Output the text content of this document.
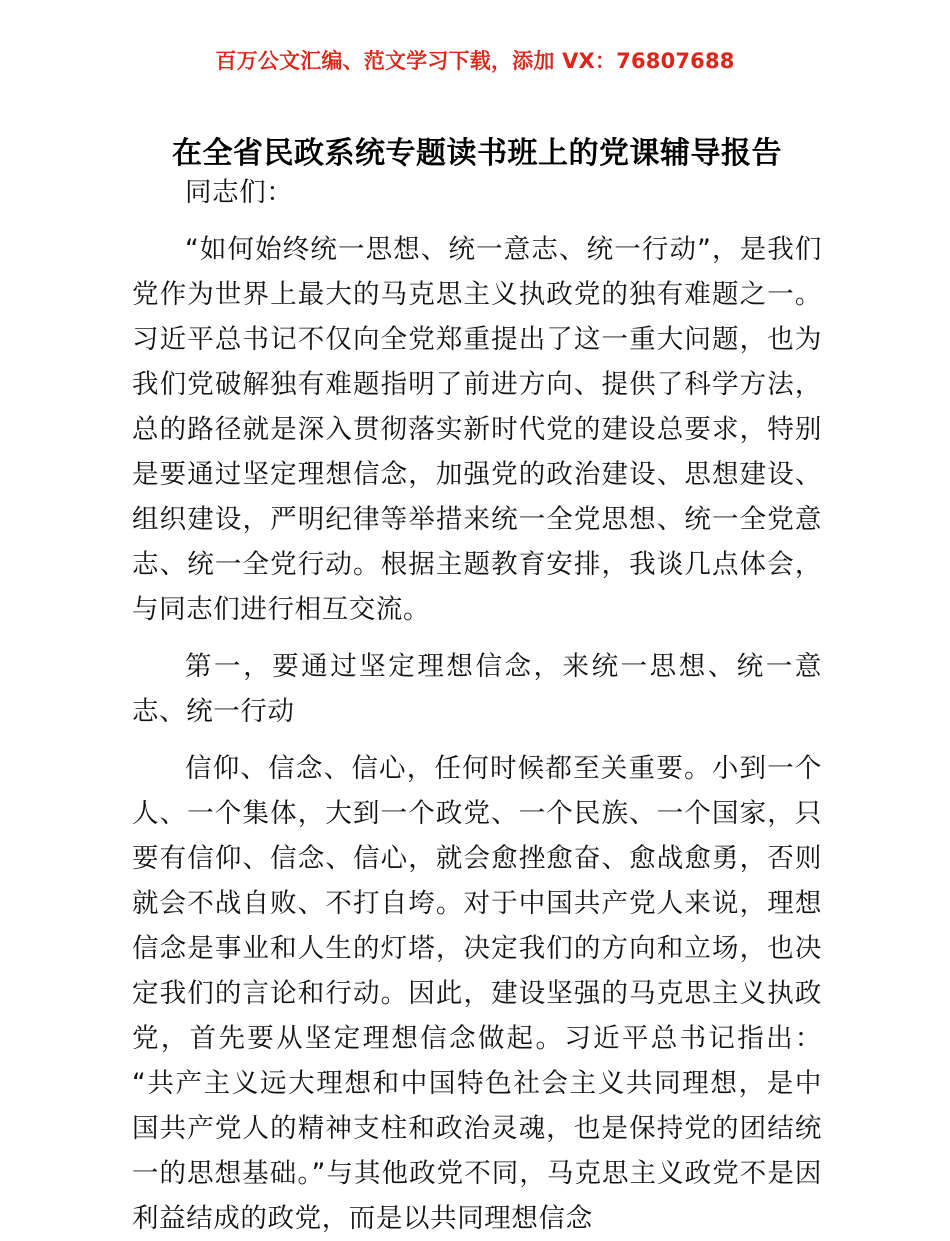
百万公文汇编、范文学习下载，添加 VX：76807688
在全省民政系统专题读书班上的党课辅导报告

同志们：

“如何始终统一思想、统一意志、统一行动”，是我们党作为世界上最大的马克思主义执政党的独有难题之一。习近平总书记不仅向全党郑重提出了这一重大问题，也为我们党破解独有难题指明了前进方向、提供了科学方法，总的路径就是深入贯彻落实新时代党的建设总要求，特别是要通过坚定理想信念，加强党的政治建设、思想建设、组织建设，严明纪律等举措来统一全党思想、统一全党意志、统一全党行动。根据主题教育安排，我谈几点体会，与同志们进行相互交流。

第一，要通过坚定理想信念，来统一思想、统一意志、统一行动

信仰、信念、信心，任何时候都至关重要。小到一个人、一个集体，大到一个政党、一个民族、一个国家，只要有信仰、信念、信心，就会愈挫愈奋、愈战愈勇，否则就会不战自败、不打自垮。对于中国共产党人来说，理想信念是事业和人生的灯塔，决定我们的方向和立场，也决定我们的言论和行动。因此，建设坚强的马克思主义执政党，首先要从坚定理想信念做起。习近平总书记指出：“共产主义远大理想和中国特色社会主义共同理想，是中国共产党人的精神支柱和政治灵魂，也是保持党的团结统一的思想基础。”与其他政党不同，马克思主义政党不是因利益结成的政党，而是以共同理想信念
